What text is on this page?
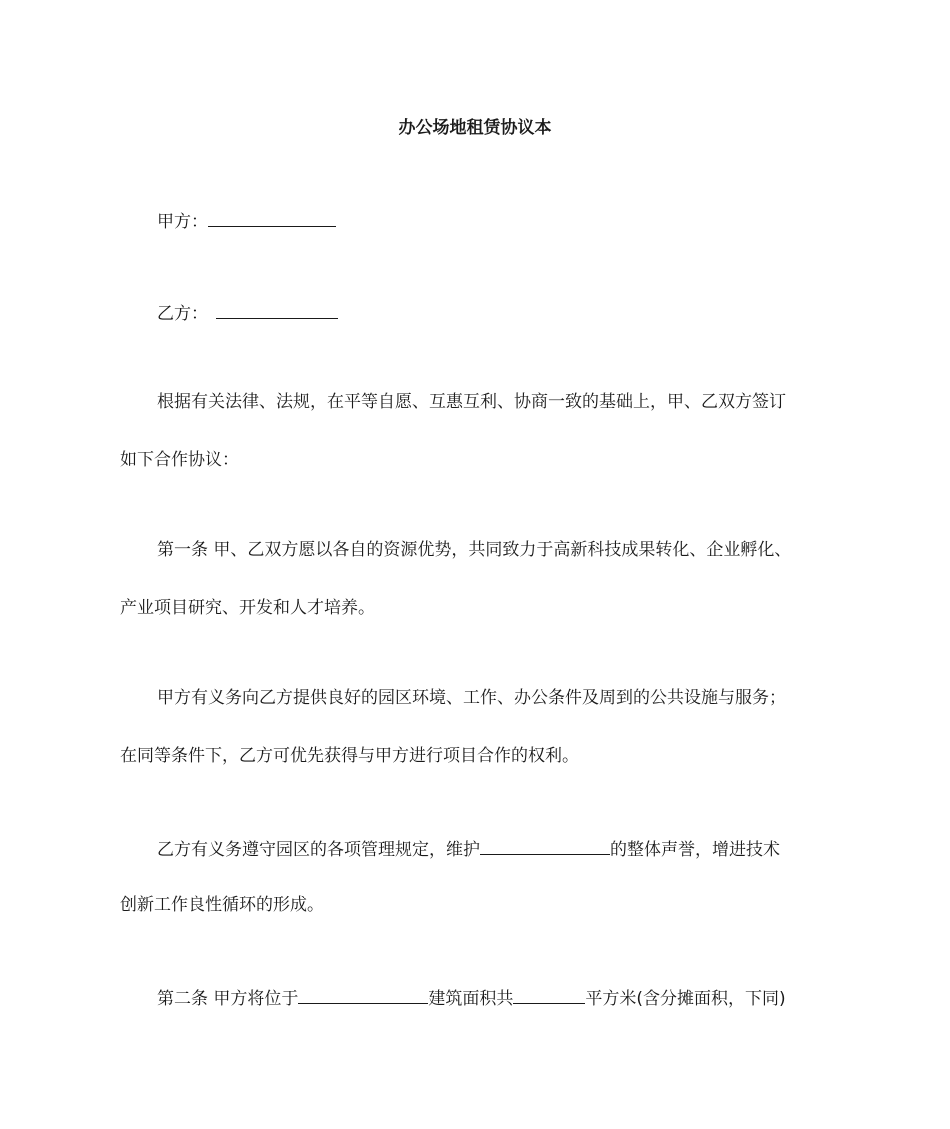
办公场地租赁协议本
甲方：
乙方：
根据有关法律、法规，在平等自愿、互惠互利、协商一致的基础上，甲、乙双方签订
如下合作协议：
第一条 甲、乙双方愿以各自的资源优势，共同致力于高新科技成果转化、企业孵化、
产业项目研究、开发和人才培养。
甲方有义务向乙方提供良好的园区环境、工作、办公条件及周到的公共设施与服务；
在同等条件下，乙方可优先获得与甲方进行项目合作的权利。
乙方有义务遵守园区的各项管理规定，维护	的整体声誉，增进技术
创新工作良性循环的形成。
第二条 甲方将位于	建筑面积共	平方米(含分摊面积，下同)
